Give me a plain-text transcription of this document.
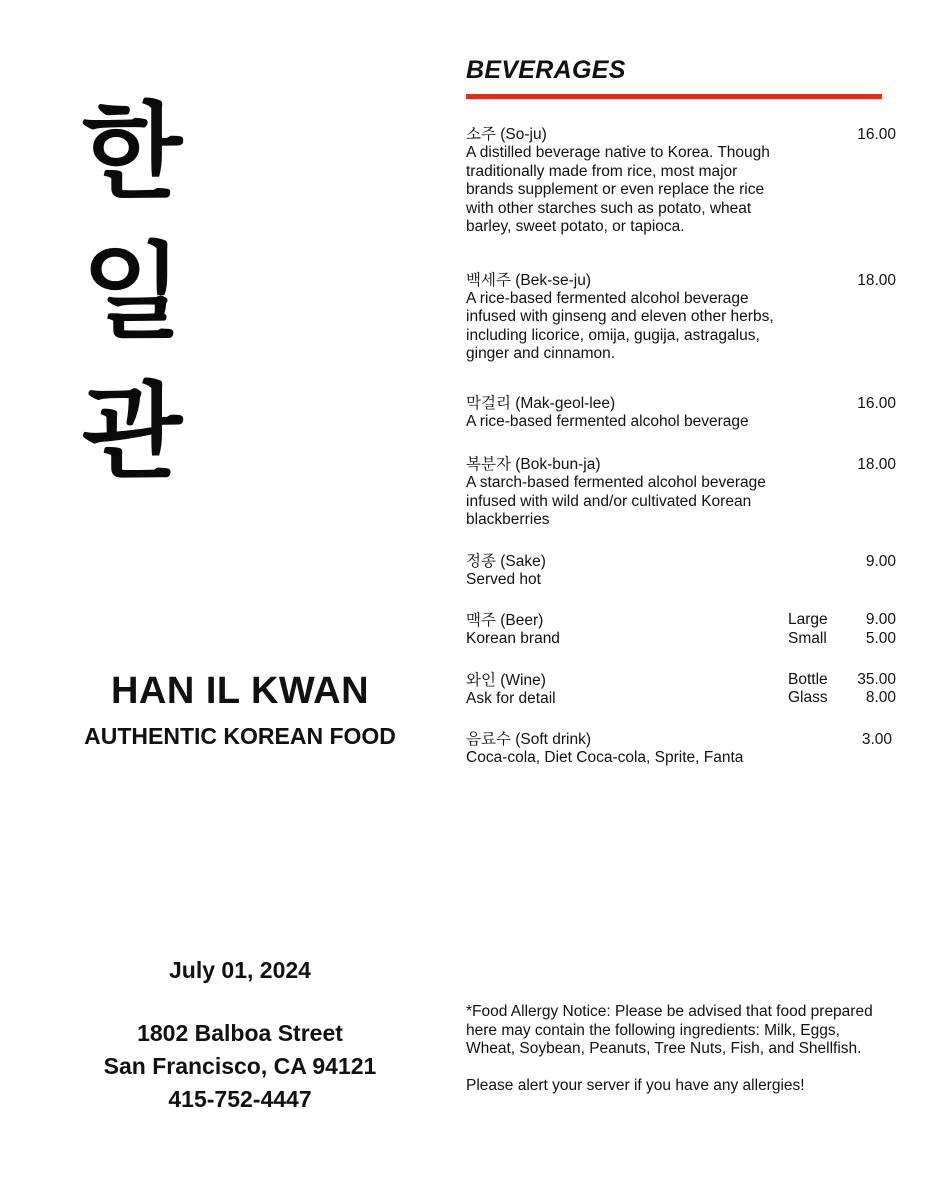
한
일
관
HAN IL KWAN
AUTHENTIC KOREAN FOOD
July 01, 2024
1802 Balboa Street
San Francisco, CA 94121
415-752-4447
BEVERAGES
소주 (So-ju)
A distilled beverage native to Korea. Though traditionally made from rice, most major brands supplement or even replace the rice with other starches such as potato, wheat barley, sweet potato, or tapioca.
16.00
백세주 (Bek-se-ju)
A rice-based fermented alcohol beverage infused with ginseng and eleven other herbs, including licorice, omija, gugija, astragalus, ginger and cinnamon.
18.00
막걸리 (Mak-geol-lee)
A rice-based fermented alcohol beverage
16.00
복분자 (Bok-bun-ja)
A starch-based fermented alcohol beverage infused with wild and/or cultivated Korean blackberries
18.00
정종 (Sake)
Served hot
9.00
맥주 (Beer)
Korean brand
Large 9.00
Small	5.00
와인 (Wine)
Ask for detail
Bottle 35.00
Glass 8.00
음료수 (Soft drink)
Coca-cola, Diet Coca-cola, Sprite, Fanta
3.00

*Food Allergy Notice: Please be advised that food prepared here may contain the following ingredients: Milk, Eggs, Wheat, Soybean, Peanuts, Tree Nuts, Fish, and Shellfish.

Please alert your server if you have any allergies!
